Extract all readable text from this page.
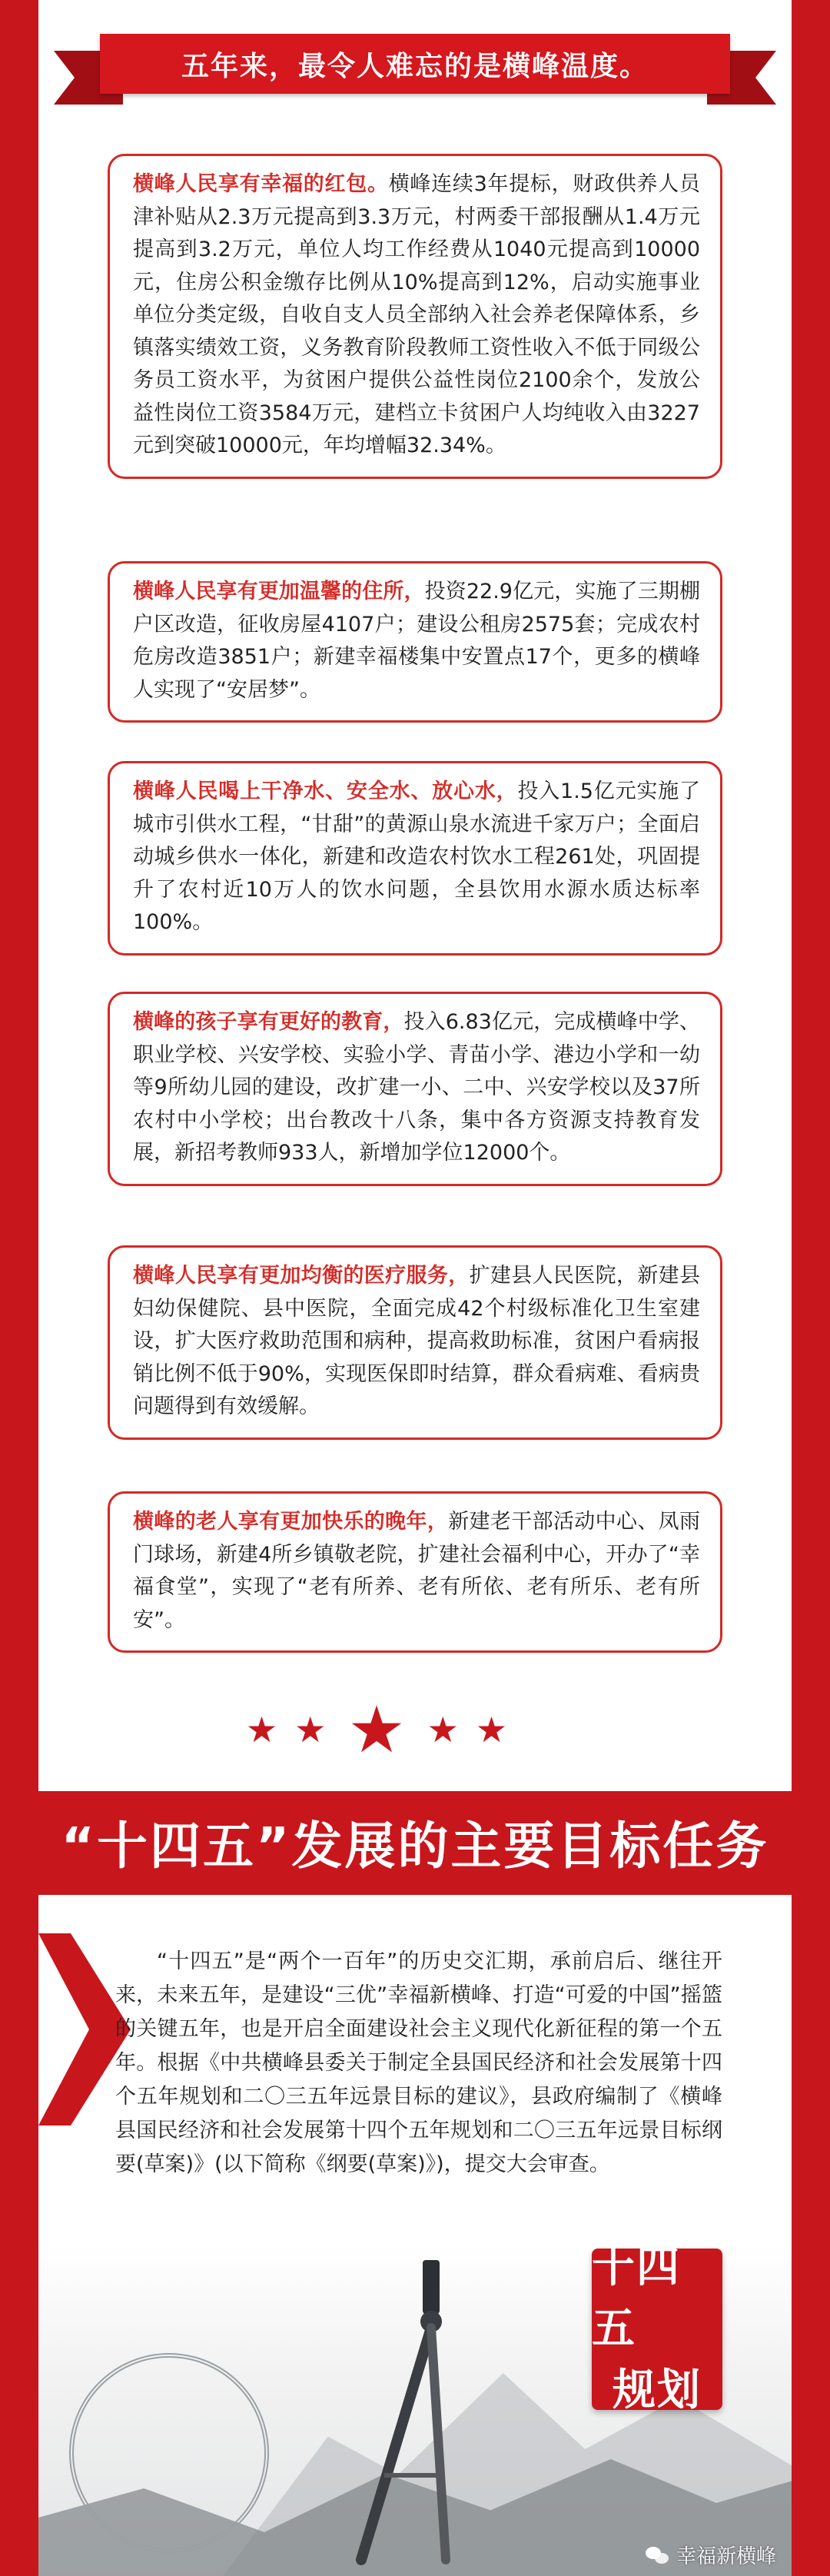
五年来，最令人难忘的是横峰温度。

横峰人民享有幸福的红包。横峰连续3年提标，财政供养人员津补贴从2.3万元提高到3.3万元，村两委干部报酬从1.4万元提高到3.2万元，单位人均工作经费从1040元提高到10000元，住房公积金缴存比例从10%提高到12%，启动实施事业单位分类定级，自收自支人员全部纳入社会养老保障体系，乡镇落实绩效工资，义务教育阶段教师工资性收入不低于同级公务员工资水平，为贫困户提供公益性岗位2100余个，发放公益性岗位工资3584万元，建档立卡贫困户人均纯收入由3227元到突破10000元，年均增幅32.34%。

横峰人民享有更加温馨的住所，投资22.9亿元，实施了三期棚户区改造，征收房屋4107户；建设公租房2575套；完成农村危房改造3851户；新建幸福楼集中安置点17个，更多的横峰人实现了“安居梦”。

横峰人民喝上干净水、安全水、放心水，投入1.5亿元实施了城市引供水工程，“甘甜”的黄源山泉水流进千家万户；全面启动城乡供水一体化，新建和改造农村饮水工程261处，巩固提升了农村近10万人的饮水问题，全县饮用水源水质达标率100%。

横峰的孩子享有更好的教育，投入6.83亿元，完成横峰中学、职业学校、兴安学校、实验小学、青苗小学、港边小学和一幼等9所幼儿园的建设，改扩建一小、二中、兴安学校以及37所农村中小学校；出台教改十八条，集中各方资源支持教育发展，新招考教师933人，新增加学位12000个。

横峰人民享有更加均衡的医疗服务，扩建县人民医院，新建县妇幼保健院、县中医院，全面完成42个村级标准化卫生室建设，扩大医疗救助范围和病种，提高救助标准，贫困户看病报销比例不低于90%，实现医保即时结算，群众看病难、看病贵问题得到有效缓解。

横峰的老人享有更加快乐的晚年，新建老干部活动中心、凤雨门球场，新建4所乡镇敬老院，扩建社会福利中心，开办了“幸福食堂”，实现了“老有所养、老有所依、老有所乐、老有所安”。

★ ★ ★ ★ ★
“十四五”发展的主要目标任务

“十四五”是“两个一百年”的历史交汇期，承前启后、继往开来，未来五年，是建设“三优”幸福新横峰、打造“可爱的中国”摇篮的关键五年，也是开启全面建设社会主义现代化新征程的第一个五年。根据《中共横峰县委关于制定全县国民经济和社会发展第十四个五年规划和二〇三五年远景目标的建议》，县政府编制了《横峰县国民经济和社会发展第十四个五年规划和二〇三五年远景目标纲要(草案)》(以下简称《纲要(草案)》)，提交大会审查。

十四五
规划
幸福新横峰
